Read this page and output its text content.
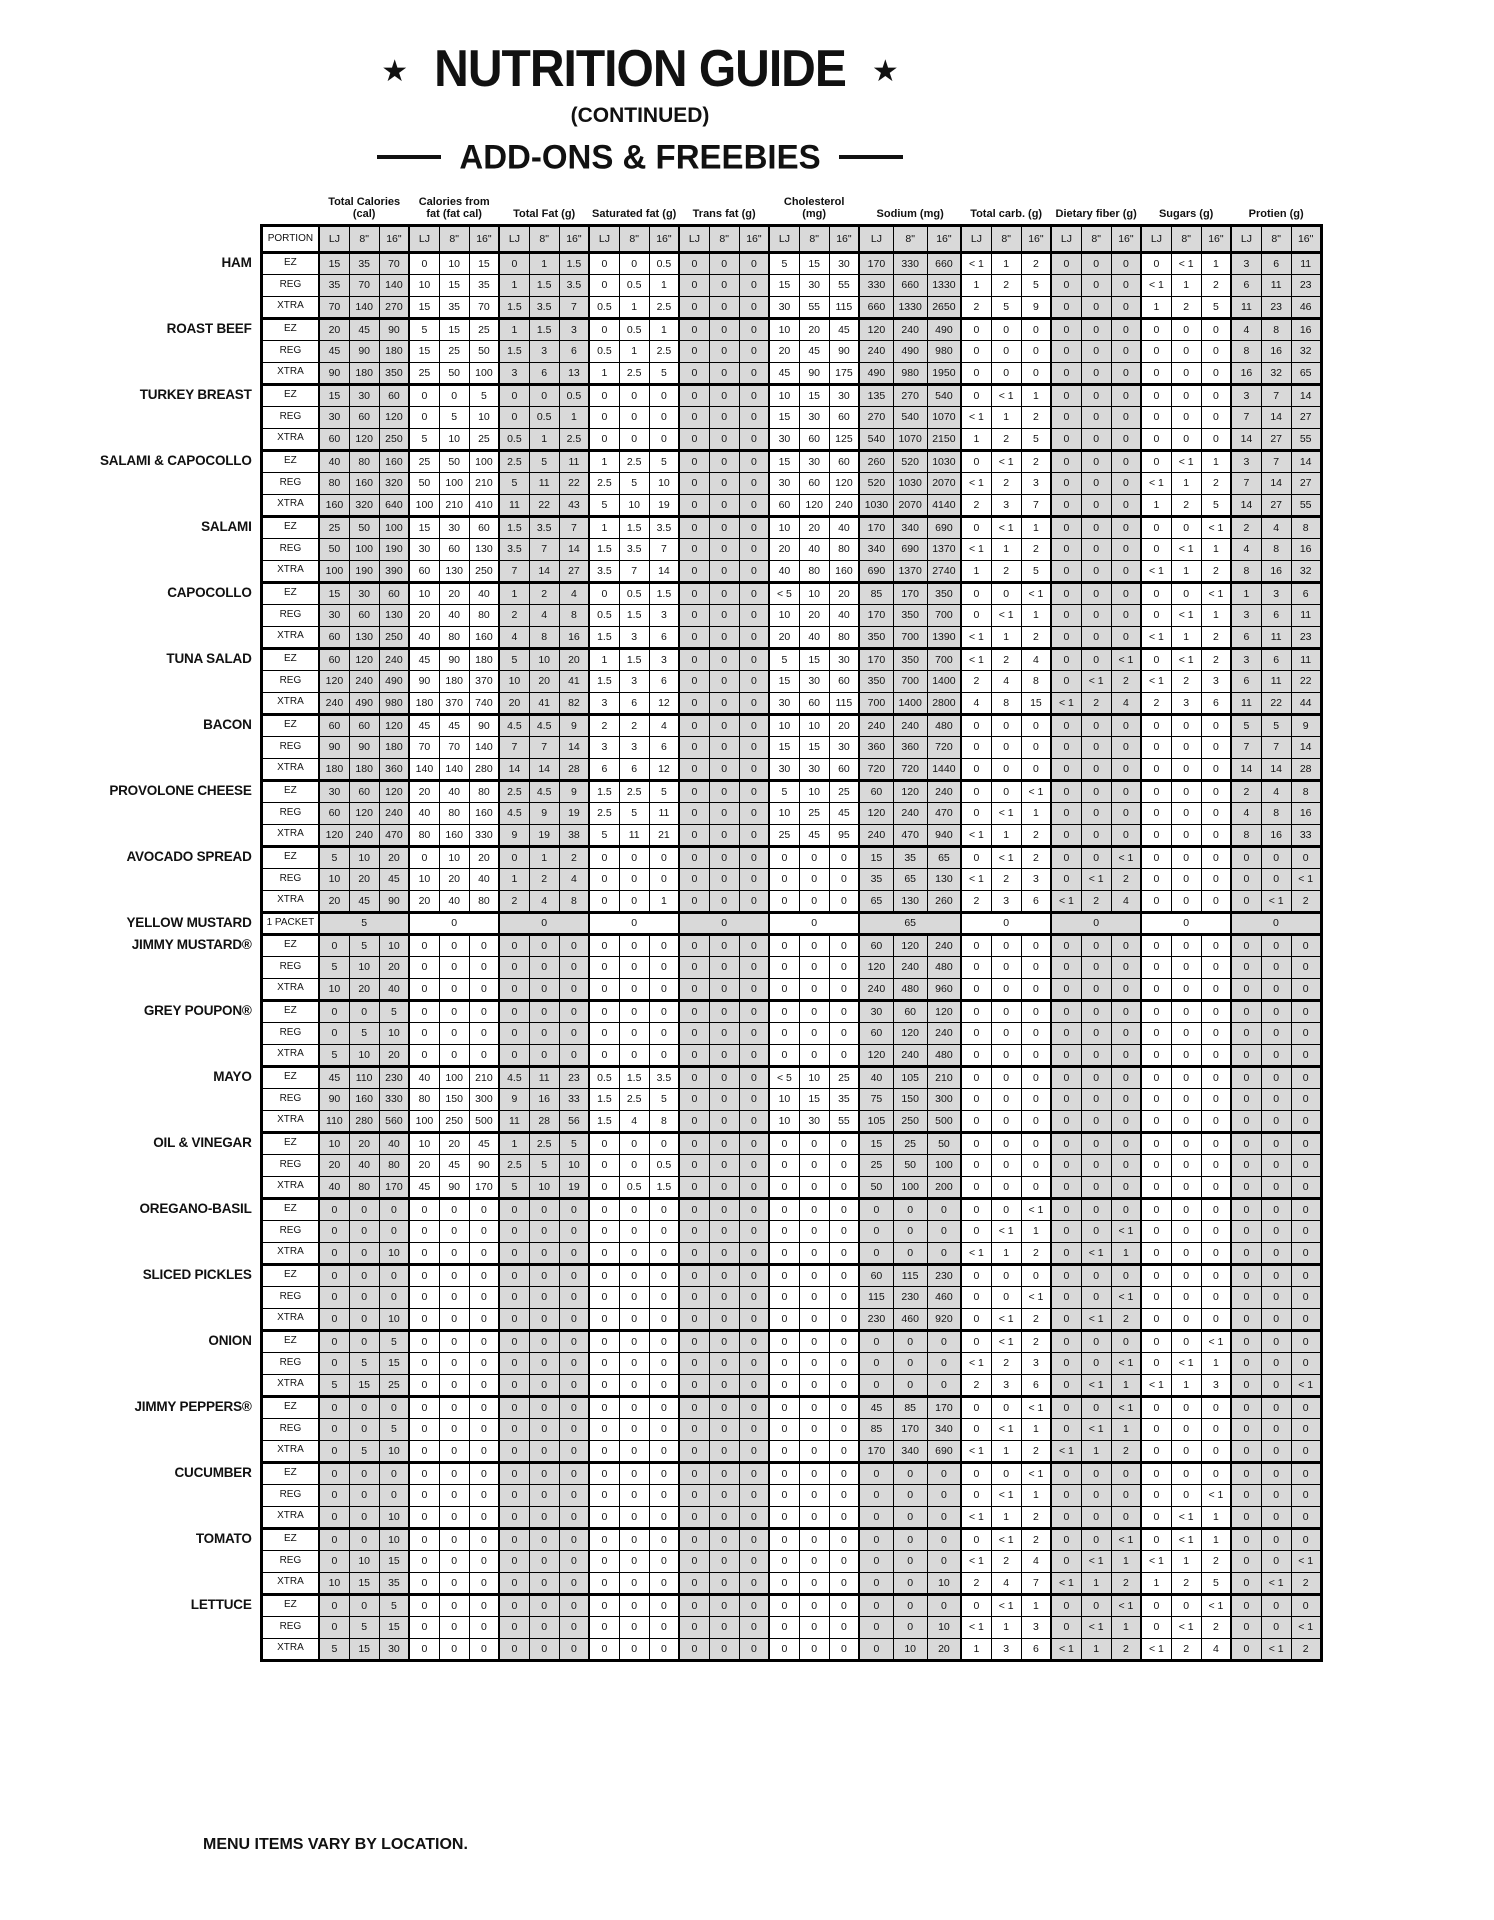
★ NUTRITION GUIDE ★
(CONTINUED)
ADD-ONS & FREEBIES
		Total Calories (cal)			Calories from fat (fat cal)			Total Fat (g)			Saturated fat (g)			Trans fat (g)			Cholesterol (mg)			Sodium (mg)			Total carb. (g)			Dietary fiber (g)			Sugars (g)			Protien (g)		
	PORTION	LJ	8"	16"	LJ	8"	16"	LJ	8"	16"	LJ	8"	16"	LJ	8"	16"	LJ	8"	16"	LJ	8"	16"	LJ	8"	16"	LJ	8"	16"	LJ	8"	16"	LJ	8"	16"
HAM	EZ	15	35	70	0	10	15	0	1	1.5	0	0	0.5	0	0	0	5	15	30	170	330	660	< 1	1	2	0	0	0	0	< 1	1	3	6	11
	REG	35	70	140	10	15	35	1	1.5	3.5	0	0.5	1	0	0	0	15	30	55	330	660	1330	1	2	5	0	0	0	< 1	1	2	6	11	23
	XTRA	70	140	270	15	35	70	1.5	3.5	7	0.5	1	2.5	0	0	0	30	55	115	660	1330	2650	2	5	9	0	0	0	1	2	5	11	23	46
ROAST BEEF	EZ	20	45	90	5	15	25	1	1.5	3	0	0.5	1	0	0	0	10	20	45	120	240	490	0	0	0	0	0	0	0	0	0	4	8	16
	REG	45	90	180	15	25	50	1.5	3	6	0.5	1	2.5	0	0	0	20	45	90	240	490	980	0	0	0	0	0	0	0	0	0	8	16	32
	XTRA	90	180	350	25	50	100	3	6	13	1	2.5	5	0	0	0	45	90	175	490	980	1950	0	0	0	0	0	0	0	0	0	16	32	65
TURKEY BREAST	EZ	15	30	60	0	0	5	0	0	0.5	0	0	0	0	0	0	10	15	30	135	270	540	0	< 1	1	0	0	0	0	0	0	3	7	14
	REG	30	60	120	0	5	10	0	0.5	1	0	0	0	0	0	0	15	30	60	270	540	1070	< 1	1	2	0	0	0	0	0	0	7	14	27
	XTRA	60	120	250	5	10	25	0.5	1	2.5	0	0	0	0	0	0	30	60	125	540	1070	2150	1	2	5	0	0	0	0	0	0	14	27	55
SALAMI & CAPOCOLLO	EZ	40	80	160	25	50	100	2.5	5	11	1	2.5	5	0	0	0	15	30	60	260	520	1030	0	< 1	2	0	0	0	0	< 1	1	3	7	14
	REG	80	160	320	50	100	210	5	11	22	2.5	5	10	0	0	0	30	60	120	520	1030	2070	< 1	2	3	0	0	0	< 1	1	2	7	14	27
	XTRA	160	320	640	100	210	410	11	22	43	5	10	19	0	0	0	60	120	240	1030	2070	4140	2	3	7	0	0	0	1	2	5	14	27	55
SALAMI	EZ	25	50	100	15	30	60	1.5	3.5	7	1	1.5	3.5	0	0	0	10	20	40	170	340	690	0	< 1	1	0	0	0	0	0	< 1	2	4	8
	REG	50	100	190	30	60	130	3.5	7	14	1.5	3.5	7	0	0	0	20	40	80	340	690	1370	< 1	1	2	0	0	0	0	< 1	1	4	8	16
	XTRA	100	190	390	60	130	250	7	14	27	3.5	7	14	0	0	0	40	80	160	690	1370	2740	1	2	5	0	0	0	< 1	1	2	8	16	32
CAPOCOLLO	EZ	15	30	60	10	20	40	1	2	4	0	0.5	1.5	0	0	0	< 5	10	20	85	170	350	0	0	< 1	0	0	0	0	0	< 1	1	3	6
	REG	30	60	130	20	40	80	2	4	8	0.5	1.5	3	0	0	0	10	20	40	170	350	700	0	< 1	1	0	0	0	0	< 1	1	3	6	11
	XTRA	60	130	250	40	80	160	4	8	16	1.5	3	6	0	0	0	20	40	80	350	700	1390	< 1	1	2	0	0	0	< 1	1	2	6	11	23
TUNA SALAD	EZ	60	120	240	45	90	180	5	10	20	1	1.5	3	0	0	0	5	15	30	170	350	700	< 1	2	4	0	0	< 1	0	< 1	2	3	6	11
	REG	120	240	490	90	180	370	10	20	41	1.5	3	6	0	0	0	15	30	60	350	700	1400	2	4	8	0	< 1	2	< 1	2	3	6	11	22
	XTRA	240	490	980	180	370	740	20	41	82	3	6	12	0	0	0	30	60	115	700	1400	2800	4	8	15	< 1	2	4	2	3	6	11	22	44
BACON	EZ	60	60	120	45	45	90	4.5	4.5	9	2	2	4	0	0	0	10	10	20	240	240	480	0	0	0	0	0	0	0	0	0	5	5	9
	REG	90	90	180	70	70	140	7	7	14	3	3	6	0	0	0	15	15	30	360	360	720	0	0	0	0	0	0	0	0	0	7	7	14
	XTRA	180	180	360	140	140	280	14	14	28	6	6	12	0	0	0	30	30	60	720	720	1440	0	0	0	0	0	0	0	0	0	14	14	28
PROVOLONE CHEESE	EZ	30	60	120	20	40	80	2.5	4.5	9	1.5	2.5	5	0	0	0	5	10	25	60	120	240	0	0	< 1	0	0	0	0	0	0	2	4	8
	REG	60	120	240	40	80	160	4.5	9	19	2.5	5	11	0	0	0	10	25	45	120	240	470	0	< 1	1	0	0	0	0	0	0	4	8	16
	XTRA	120	240	470	80	160	330	9	19	38	5	11	21	0	0	0	25	45	95	240	470	940	< 1	1	2	0	0	0	0	0	0	8	16	33
AVOCADO SPREAD	EZ	5	10	20	0	10	20	0	1	2	0	0	0	0	0	0	0	0	0	15	35	65	0	< 1	2	0	0	< 1	0	0	0	0	0	0
	REG	10	20	45	10	20	40	1	2	4	0	0	0	0	0	0	0	0	0	35	65	130	< 1	2	3	0	< 1	2	0	0	0	0	0	< 1
	XTRA	20	45	90	20	40	80	2	4	8	0	0	1	0	0	0	0	0	0	65	130	260	2	3	6	< 1	2	4	0	0	0	0	< 1	2
YELLOW MUSTARD	1 PACKET	5			0			0			0			0			0			65			0			0			0			0		
JIMMY MUSTARD®	EZ	0	5	10	0	0	0	0	0	0	0	0	0	0	0	0	0	0	0	60	120	240	0	0	0	0	0	0	0	0	0	0	0	0
	REG	5	10	20	0	0	0	0	0	0	0	0	0	0	0	0	0	0	0	120	240	480	0	0	0	0	0	0	0	0	0	0	0	0
	XTRA	10	20	40	0	0	0	0	0	0	0	0	0	0	0	0	0	0	0	240	480	960	0	0	0	0	0	0	0	0	0	0	0	0
GREY POUPON®	EZ	0	0	5	0	0	0	0	0	0	0	0	0	0	0	0	0	0	0	30	60	120	0	0	0	0	0	0	0	0	0	0	0	0
	REG	0	5	10	0	0	0	0	0	0	0	0	0	0	0	0	0	0	0	60	120	240	0	0	0	0	0	0	0	0	0	0	0	0
	XTRA	5	10	20	0	0	0	0	0	0	0	0	0	0	0	0	0	0	0	120	240	480	0	0	0	0	0	0	0	0	0	0	0	0
MAYO	EZ	45	110	230	40	100	210	4.5	11	23	0.5	1.5	3.5	0	0	0	< 5	10	25	40	105	210	0	0	0	0	0	0	0	0	0	0	0	0
	REG	90	160	330	80	150	300	9	16	33	1.5	2.5	5	0	0	0	10	15	35	75	150	300	0	0	0	0	0	0	0	0	0	0	0	0
	XTRA	110	280	560	100	250	500	11	28	56	1.5	4	8	0	0	0	10	30	55	105	250	500	0	0	0	0	0	0	0	0	0	0	0	0
OIL & VINEGAR	EZ	10	20	40	10	20	45	1	2.5	5	0	0	0	0	0	0	0	0	0	15	25	50	0	0	0	0	0	0	0	0	0	0	0	0
	REG	20	40	80	20	45	90	2.5	5	10	0	0	0.5	0	0	0	0	0	0	25	50	100	0	0	0	0	0	0	0	0	0	0	0	0
	XTRA	40	80	170	45	90	170	5	10	19	0	0.5	1.5	0	0	0	0	0	0	50	100	200	0	0	0	0	0	0	0	0	0	0	0	0
OREGANO-BASIL	EZ	0	0	0	0	0	0	0	0	0	0	0	0	0	0	0	0	0	0	0	0	0	0	0	< 1	0	0	0	0	0	0	0	0	0
	REG	0	0	0	0	0	0	0	0	0	0	0	0	0	0	0	0	0	0	0	0	0	0	< 1	1	0	0	< 1	0	0	0	0	0	0
	XTRA	0	0	10	0	0	0	0	0	0	0	0	0	0	0	0	0	0	0	0	0	0	< 1	1	2	0	< 1	1	0	0	0	0	0	0
SLICED PICKLES	EZ	0	0	0	0	0	0	0	0	0	0	0	0	0	0	0	0	0	0	60	115	230	0	0	0	0	0	0	0	0	0	0	0	0
	REG	0	0	0	0	0	0	0	0	0	0	0	0	0	0	0	0	0	0	115	230	460	0	0	< 1	0	0	< 1	0	0	0	0	0	0
	XTRA	0	0	10	0	0	0	0	0	0	0	0	0	0	0	0	0	0	0	230	460	920	0	< 1	2	0	< 1	2	0	0	0	0	0	0
ONION	EZ	0	0	5	0	0	0	0	0	0	0	0	0	0	0	0	0	0	0	0	0	0	0	< 1	2	0	0	0	0	0	< 1	0	0	0
	REG	0	5	15	0	0	0	0	0	0	0	0	0	0	0	0	0	0	0	0	0	0	< 1	2	3	0	0	< 1	0	< 1	1	0	0	0
	XTRA	5	15	25	0	0	0	0	0	0	0	0	0	0	0	0	0	0	0	0	0	0	2	3	6	0	< 1	1	< 1	1	3	0	0	< 1
JIMMY PEPPERS®	EZ	0	0	0	0	0	0	0	0	0	0	0	0	0	0	0	0	0	0	45	85	170	0	0	< 1	0	0	< 1	0	0	0	0	0	0
	REG	0	0	5	0	0	0	0	0	0	0	0	0	0	0	0	0	0	0	85	170	340	0	< 1	1	0	< 1	1	0	0	0	0	0	0
	XTRA	0	5	10	0	0	0	0	0	0	0	0	0	0	0	0	0	0	0	170	340	690	< 1	1	2	< 1	1	2	0	0	0	0	0	0
CUCUMBER	EZ	0	0	0	0	0	0	0	0	0	0	0	0	0	0	0	0	0	0	0	0	0	0	0	< 1	0	0	0	0	0	0	0	0	0
	REG	0	0	0	0	0	0	0	0	0	0	0	0	0	0	0	0	0	0	0	0	0	0	< 1	1	0	0	0	0	0	< 1	0	0	0
	XTRA	0	0	10	0	0	0	0	0	0	0	0	0	0	0	0	0	0	0	0	0	0	< 1	1	2	0	0	0	0	< 1	1	0	0	0
TOMATO	EZ	0	0	10	0	0	0	0	0	0	0	0	0	0	0	0	0	0	0	0	0	0	0	< 1	2	0	0	< 1	0	< 1	1	0	0	0
	REG	0	10	15	0	0	0	0	0	0	0	0	0	0	0	0	0	0	0	0	0	0	< 1	2	4	0	< 1	1	< 1	1	2	0	0	< 1
	XTRA	10	15	35	0	0	0	0	0	0	0	0	0	0	0	0	0	0	0	0	0	10	2	4	7	< 1	1	2	1	2	5	0	< 1	2
LETTUCE	EZ	0	0	5	0	0	0	0	0	0	0	0	0	0	0	0	0	0	0	0	0	0	0	< 1	1	0	0	< 1	0	0	< 1	0	0	0
	REG	0	5	15	0	0	0	0	0	0	0	0	0	0	0	0	0	0	0	0	0	10	< 1	1	3	0	< 1	1	0	< 1	2	0	0	< 1
	XTRA	5	15	30	0	0	0	0	0	0	0	0	0	0	0	0	0	0	0	0	10	20	1	3	6	< 1	1	2	< 1	2	4	0	< 1	2
MENU ITEMS VARY BY LOCATION.
